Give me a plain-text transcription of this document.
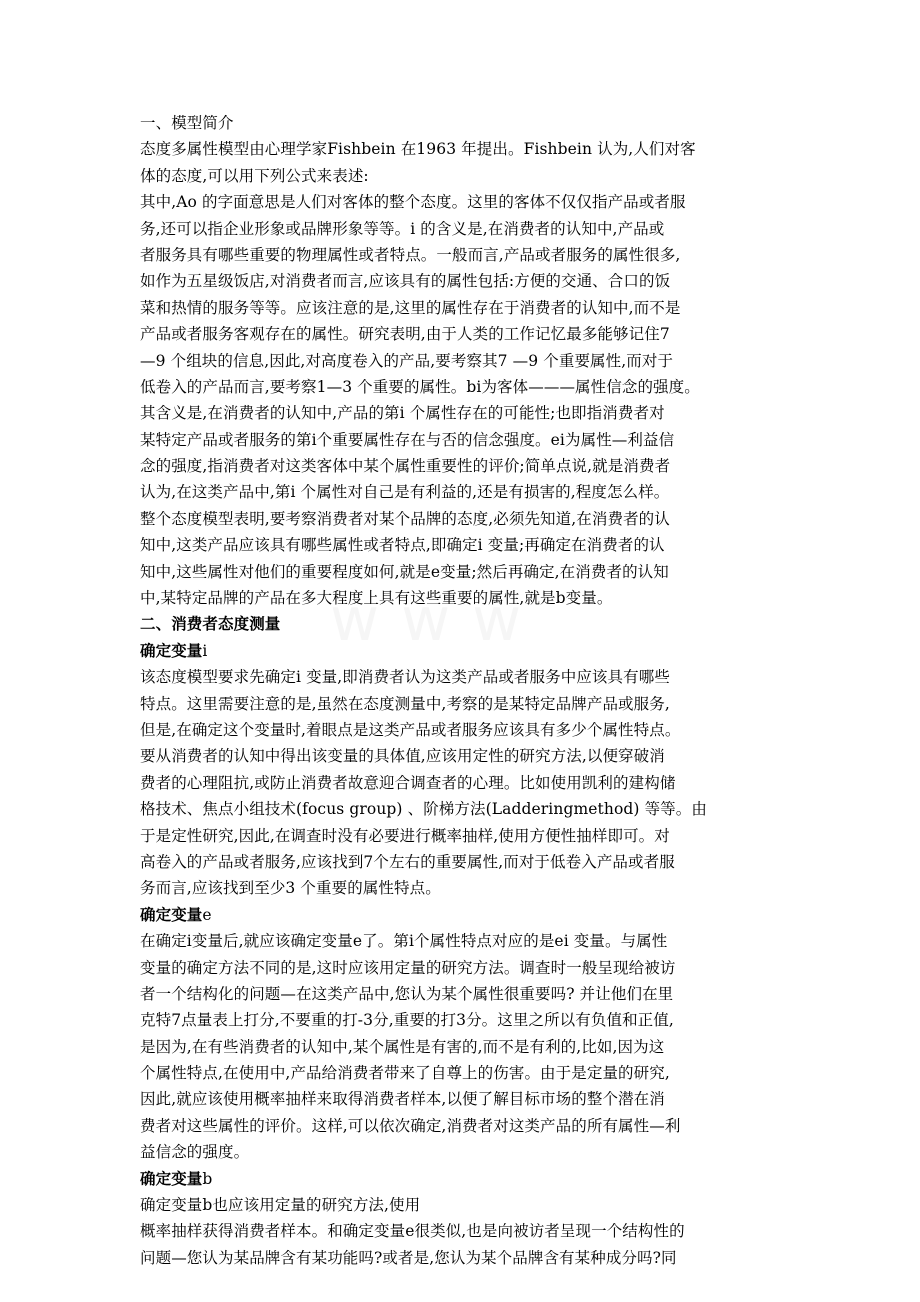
一、模型简介
态度多属性模型由心理学家Fishbein 在1963 年提出。Fishbein 认为,人们对客
体的态度,可以用下列公式来表述:
其中,Ao 的字面意思是人们对客体的整个态度。这里的客体不仅仅指产品或者服
务,还可以指企业形象或品牌形象等等。i 的含义是,在消费者的认知中,产品或
者服务具有哪些重要的物理属性或者特点。一般而言,产品或者服务的属性很多,
如作为五星级饭店,对消费者而言,应该具有的属性包括:方便的交通、合口的饭
菜和热情的服务等等。应该注意的是,这里的属性存在于消费者的认知中,而不是
产品或者服务客观存在的属性。研究表明,由于人类的工作记忆最多能够记住7
—9 个组块的信息,因此,对高度卷入的产品,要考察其7 —9 个重要属性,而对于
低卷入的产品而言,要考察1—3 个重要的属性。bi为客体———属性信念的强度。
其含义是,在消费者的认知中,产品的第i 个属性存在的可能性;也即指消费者对
某特定产品或者服务的第i个重要属性存在与否的信念强度。ei为属性—利益信
念的强度,指消费者对这类客体中某个属性重要性的评价;简单点说,就是消费者
认为,在这类产品中,第i 个属性对自己是有利益的,还是有损害的,程度怎么样。
整个态度模型表明,要考察消费者对某个品牌的态度,必须先知道,在消费者的认
知中,这类产品应该具有哪些属性或者特点,即确定i 变量;再确定在消费者的认
知中,这些属性对他们的重要程度如何,就是e变量;然后再确定,在消费者的认知
中,某特定品牌的产品在多大程度上具有这些重要的属性,就是b变量。
二、消费者态度测量
确定变量i
该态度模型要求先确定i 变量,即消费者认为这类产品或者服务中应该具有哪些
特点。这里需要注意的是,虽然在态度测量中,考察的是某特定品牌产品或服务,
但是,在确定这个变量时,着眼点是这类产品或者服务应该具有多少个属性特点。
要从消费者的认知中得出该变量的具体值,应该用定性的研究方法,以便穿破消
费者的心理阻抗,或防止消费者故意迎合调查者的心理。比如使用凯利的建构储
格技术、焦点小组技术(focus group) 、阶梯方法(Ladderingmethod) 等等。由
于是定性研究,因此,在调查时没有必要进行概率抽样,使用方便性抽样即可。对
高卷入的产品或者服务,应该找到7个左右的重要属性,而对于低卷入产品或者服
务而言,应该找到至少3 个重要的属性特点。
确定变量e
在确定i变量后,就应该确定变量e了。第i个属性特点对应的是ei 变量。与属性
变量的确定方法不同的是,这时应该用定量的研究方法。调查时一般呈现给被访
者一个结构化的问题—在这类产品中,您认为某个属性很重要吗? 并让他们在里
克特7点量表上打分,不要重的打-3分,重要的打3分。这里之所以有负值和正值,
是因为,在有些消费者的认知中,某个属性是有害的,而不是有利的,比如,因为这
个属性特点,在使用中,产品给消费者带来了自尊上的伤害。由于是定量的研究,
因此,就应该使用概率抽样来取得消费者样本,以便了解目标市场的整个潜在消
费者对这些属性的评价。这样,可以依次确定,消费者对这类产品的所有属性—利
益信念的强度。
确定变量b
确定变量b也应该用定量的研究方法,使用
概率抽样获得消费者样本。和确定变量e很类似,也是向被访者呈现一个结构性的
问题—您认为某品牌含有某功能吗?或者是,您认为某个品牌含有某种成分吗?同
